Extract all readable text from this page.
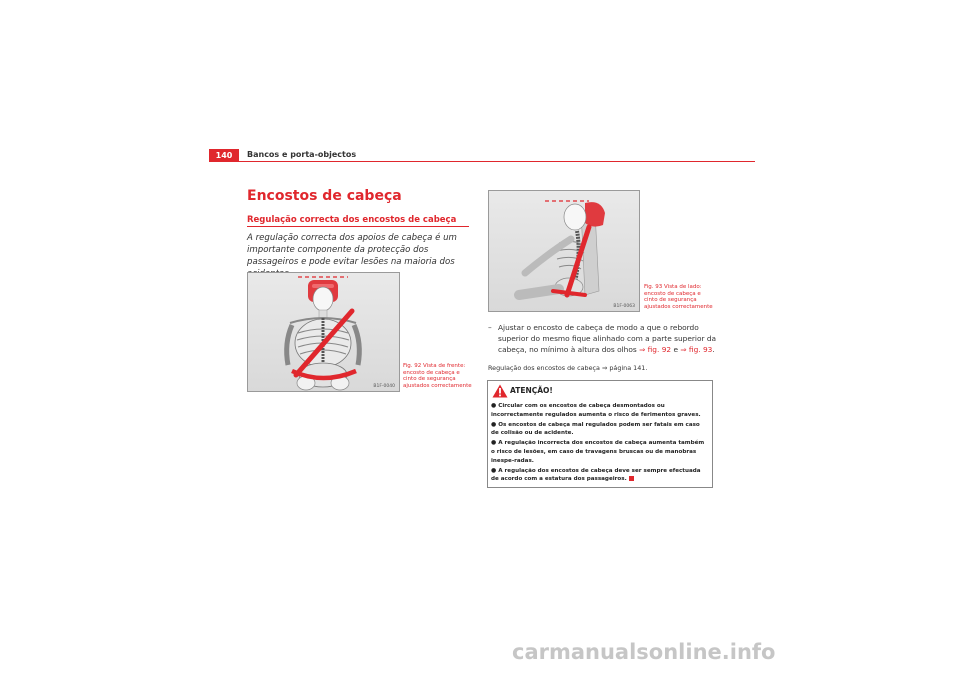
140	Bancos e porta-objectos
Encostos de cabeça
Regulação correcta dos encostos de cabeça
A regulação correcta dos apoios de cabeça é um importante componente da protecção dos passageiros e pode evitar lesões na maioria dos
B1F-0040
Fig. 92 Vista de frente: encosto de cabeça e cinto de segurança ajustados correctamente
B1F-0063
Fig. 93 Vista de lado: encosto de cabeça e cinto de segurança ajustados correctamente
– Ajustar o encosto de cabeça de modo a que o rebordo superior do mesmo fique alinhado com a parte superior da cabeça, no mínimo à altura dos olhos ⇒ fig. 92 e ⇒ fig. 93.
Regulação dos encostos de cabeça ⇒ página 141.
ATENÇÃO!
● Circular com os encostos de cabeça desmontados ou incorrectamente regulados aumenta o risco de ferimentos graves.
● Os encostos de cabeça mal regulados podem ser fatais em caso de colisão ou de acidente.
● A regulação incorrecta dos encostos de cabeça aumenta também o risco de lesões, em caso de travagens bruscas ou de manobras inespe-radas.
● A regulação dos encostos de cabeça deve ser sempre efectuada de acordo com a estatura dos passageiros.
carmanualsonline.info
